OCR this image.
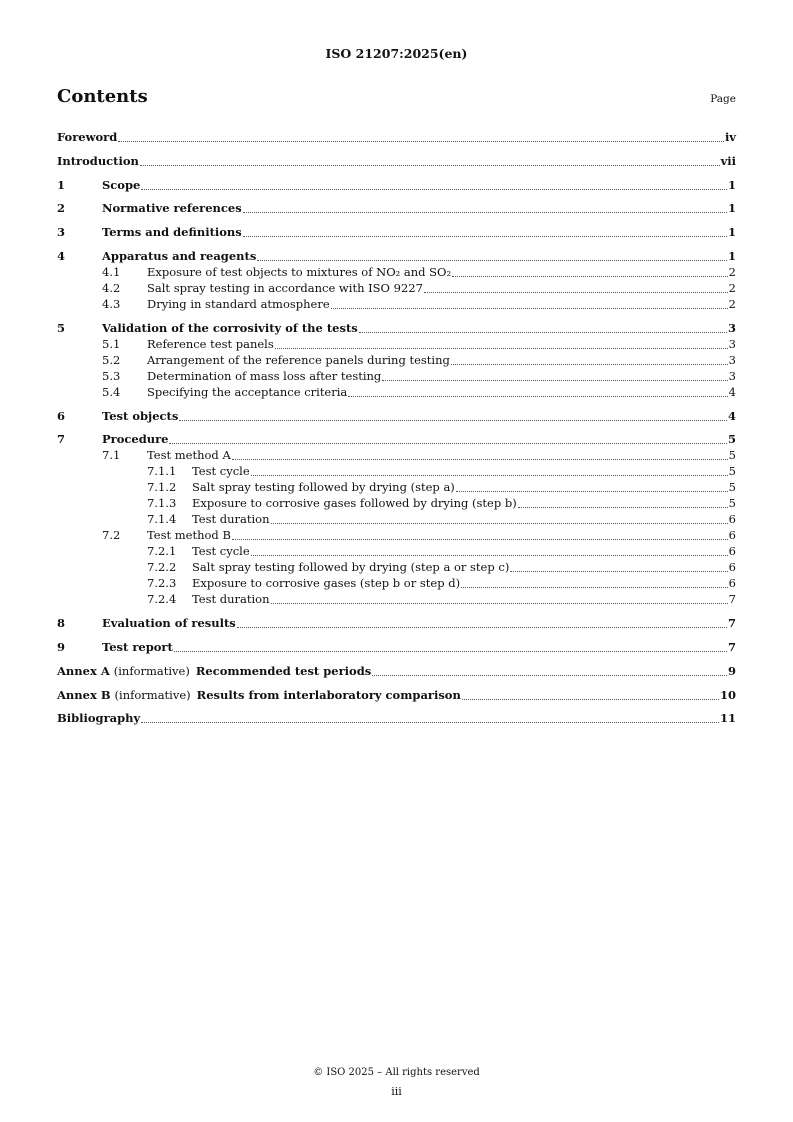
ISO 21207:2025(en)
Contents	Page
Foreword	iv
Introduction	vii
1	Scope	1
2	Normative references	1
3	Terms and definitions	1
4	Apparatus and reagents	1
4.1	Exposure of test objects to mixtures of NO₂ and SO₂	2
4.2	Salt spray testing in accordance with ISO 9227	2
4.3	Drying in standard atmosphere	2
5	Validation of the corrosivity of the tests	3
5.1	Reference test panels	3
5.2	Arrangement of the reference panels during testing	3
5.3	Determination of mass loss after testing	3
5.4	Specifying the acceptance criteria	4
6	Test objects	4
7	Procedure	5
7.1	Test method A	5
7.1.1	Test cycle	5
7.1.2	Salt spray testing followed by drying (step a)	5
7.1.3	Exposure to corrosive gases followed by drying (step b)	5
7.1.4	Test duration	6
7.2	Test method B	6
7.2.1	Test cycle	6
7.2.2	Salt spray testing followed by drying (step a or step c)	6
7.2.3	Exposure to corrosive gases (step b or step d)	6
7.2.4	Test duration	7
8	Evaluation of results	7
9	Test report	7
Annex A (informative) Recommended test periods	9
Annex B (informative) Results from interlaboratory comparison	10
Bibliography	11
© ISO 2025 – All rights reserved
iii
